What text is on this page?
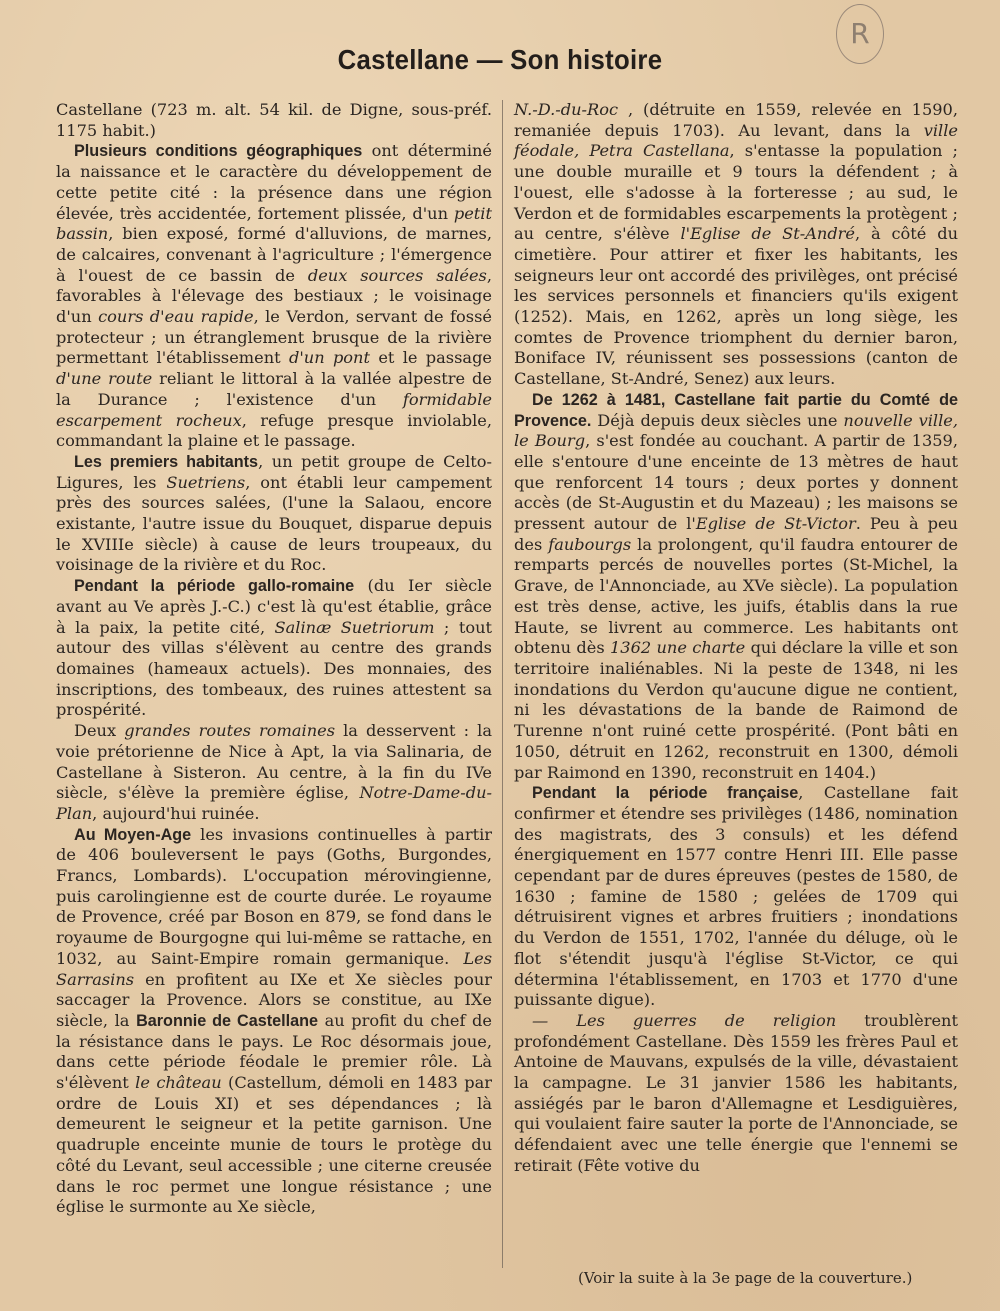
R
Castellane — Son histoire

Castellane (723 m. alt. 54 kil. de Digne, sous-préf. 1175 habit.)

Plusieurs conditions géographiques ont déterminé la naissance et le caractère du développement de cette petite cité : la présence dans une région élevée, très accidentée, fortement plissée, d'un petit bassin, bien exposé, formé d'alluvions, de marnes, de calcaires, convenant à l'agriculture ; l'émergence à l'ouest de ce bassin de deux sources salées, favorables à l'élevage des bestiaux ; le voisinage d'un cours d'eau rapide, le Verdon, servant de fossé protecteur ; un étranglement brusque de la rivière permettant l'établissement d'un pont et le passage d'une route reliant le littoral à la vallée alpestre de la Durance ; l'existence d'un formidable escarpement rocheux, refuge presque inviolable, commandant la plaine et le passage.

Les premiers habitants, un petit groupe de Celto-Ligures, les Suetriens, ont établi leur campement près des sources salées, (l'une la Salaou, encore existante, l'autre issue du Bouquet, disparue depuis le XVIIIe siècle) à cause de leurs troupeaux, du voisinage de la rivière et du Roc.

Pendant la période gallo-romaine (du Ier siècle avant au Ve après J.-C.) c'est là qu'est établie, grâce à la paix, la petite cité, Salinæ Suetriorum ; tout autour des villas s'élèvent au centre des grands domaines (hameaux actuels). Des monnaies, des inscriptions, des tombeaux, des ruines attestent sa prospérité.

Deux grandes routes romaines la desservent : la voie prétorienne de Nice à Apt, la via Salinaria, de Castellane à Sisteron. Au centre, à la fin du IVe siècle, s'élève la première église, Notre-Dame-du-Plan, aujourd'hui ruinée.

Au Moyen-Age les invasions continuelles à partir de 406 bouleversent le pays (Goths, Burgondes, Francs, Lombards). L'occupation mérovingienne, puis carolingienne est de courte durée. Le royaume de Provence, créé par Boson en 879, se fond dans le royaume de Bourgogne qui lui-même se rattache, en 1032, au Saint-Empire romain germanique. Les Sarrasins en profitent au IXe et Xe siècles pour saccager la Provence. Alors se constitue, au IXe siècle, la Baronnie de Castellane au profit du chef de la résistance dans le pays. Le Roc désormais joue, dans cette période féodale le premier rôle. Là s'élèvent le château (Castellum, démoli en 1483 par ordre de Louis XI) et ses dépendances ; là demeurent le seigneur et la petite garnison. Une quadruple enceinte munie de tours le protège du côté du Levant, seul accessible ; une citerne creusée dans le roc permet une longue résistance ; une église le surmonte au Xe siècle,

N.-D.-du-Roc , (détruite en 1559, relevée en 1590, remaniée depuis 1703). Au levant, dans la ville féodale, Petra Castellana, s'entasse la population ; une double muraille et 9 tours la défendent ; à l'ouest, elle s'adosse à la forteresse ; au sud, le Verdon et de formidables escarpements la protègent ; au centre, s'élève l'Eglise de St-André, à côté du cimetière. Pour attirer et fixer les habitants, les seigneurs leur ont accordé des privilèges, ont précisé les services personnels et financiers qu'ils exigent (1252). Mais, en 1262, après un long siège, les comtes de Provence triomphent du dernier baron, Boniface IV, réunissent ses possessions (canton de Castellane, St-André, Senez) aux leurs.

De 1262 à 1481, Castellane fait partie du Comté de Provence. Déjà depuis deux siècles une nouvelle ville, le Bourg, s'est fondée au couchant. A partir de 1359, elle s'entoure d'une enceinte de 13 mètres de haut que renforcent 14 tours ; deux portes y donnent accès (de St-Augustin et du Mazeau) ; les maisons se pressent autour de l'Eglise de St-Victor. Peu à peu des faubourgs la prolongent, qu'il faudra entourer de remparts percés de nouvelles portes (St-Michel, la Grave, de l'Annonciade, au XVe siècle). La population est très dense, active, les juifs, établis dans la rue Haute, se livrent au commerce. Les habitants ont obtenu dès 1362 une charte qui déclare la ville et son territoire inaliénables. Ni la peste de 1348, ni les inondations du Verdon qu'aucune digue ne contient, ni les dévastations de la bande de Raimond de Turenne n'ont ruiné cette prospérité. (Pont bâti en 1050, détruit en 1262, reconstruit en 1300, démoli par Raimond en 1390, reconstruit en 1404.)

Pendant la période française, Castellane fait confirmer et étendre ses privilèges (1486, nomination des magistrats, des 3 consuls) et les défend énergiquement en 1577 contre Henri III. Elle passe cependant par de dures épreuves (pestes de 1580, de 1630 ; famine de 1580 ; gelées de 1709 qui détruisirent vignes et arbres fruitiers ; inondations du Verdon de 1551, 1702, l'année du déluge, où le flot s'étendit jusqu'à l'église St-Victor, ce qui détermina l'établissement, en 1703 et 1770 d'une puissante digue).

— Les guerres de religion troublèrent profondément Castellane. Dès 1559 les frères Paul et Antoine de Mauvans, expulsés de la ville, dévastaient la campagne. Le 31 janvier 1586 les habitants, assiégés par le baron d'Allemagne et Lesdiguières, qui voulaient faire sauter la porte de l'Annonciade, se défendaient avec une telle énergie que l'ennemi se retirait (Fête votive du

(Voir la suite à la 3e page de la couverture.)
